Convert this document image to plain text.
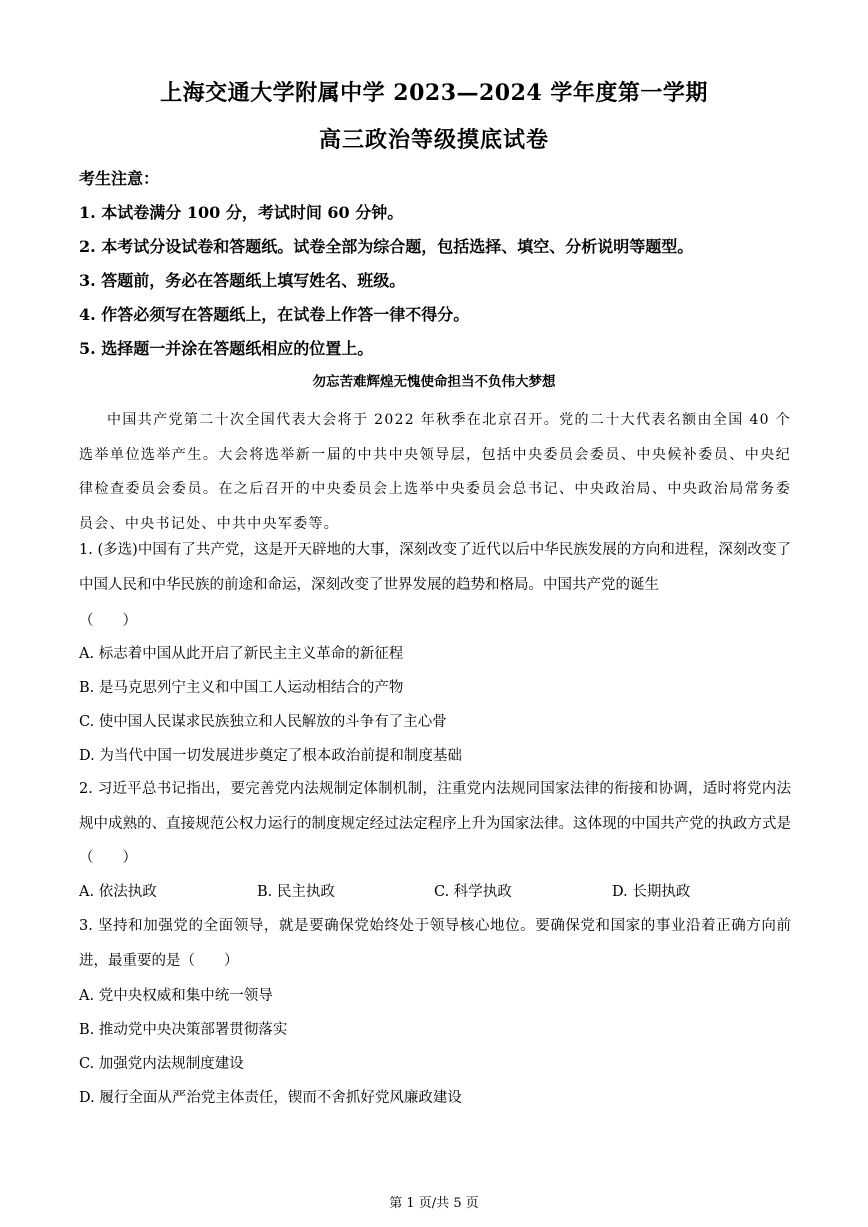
上海交通大学附属中学 2023—2024 学年度第一学期
高三政治等级摸底试卷
考生注意：
1. 本试卷满分 100 分，考试时间 60 分钟。
2. 本考试分设试卷和答题纸。试卷全部为综合题，包括选择、填空、分析说明等题型。
3. 答题前，务必在答题纸上填写姓名、班级。
4. 作答必须写在答题纸上，在试卷上作答一律不得分。
5. 选择题一并涂在答题纸相应的位置上。
勿忘苦难辉煌无愧使命担当不负伟大梦想
中国共产党第二十次全国代表大会将于 2022 年秋季在北京召开。党的二十大代表名额由全国 40 个选举单位选举产生。大会将选举新一届的中共中央领导层，包括中央委员会委员、中央候补委员、中央纪律检查委员会委员。在之后召开的中央委员会上选举中央委员会总书记、中央政治局、中央政治局常务委员会、中央书记处、中共中央军委等。
1. (多选)中国有了共产党，这是开天辟地的大事，深刻改变了近代以后中华民族发展的方向和进程，深刻改变了中国人民和中华民族的前途和命运，深刻改变了世界发展的趋势和格局。中国共产党的诞生
（　　）
A. 标志着中国从此开启了新民主主义革命的新征程
B. 是马克思列宁主义和中国工人运动相结合的产物
C. 使中国人民谋求民族独立和人民解放的斗争有了主心骨
D. 为当代中国一切发展进步奠定了根本政治前提和制度基础
2. 习近平总书记指出，要完善党内法规制定体制机制，注重党内法规同国家法律的衔接和协调，适时将党内法规中成熟的、直接规范公权力运行的制度规定经过法定程序上升为国家法律。这体现的中国共产党的执政方式是（　　）
A. 依法执政	B. 民主执政	C. 科学执政	D. 长期执政
3. 坚持和加强党的全面领导，就是要确保党始终处于领导核心地位。要确保党和国家的事业沿着正确方向前进，最重要的是（　　）
A. 党中央权威和集中统一领导
B. 推动党中央决策部署贯彻落实
C. 加强党内法规制度建设
D. 履行全面从严治党主体责任，锲而不舍抓好党风廉政建设
第 1 页/共 5 页
